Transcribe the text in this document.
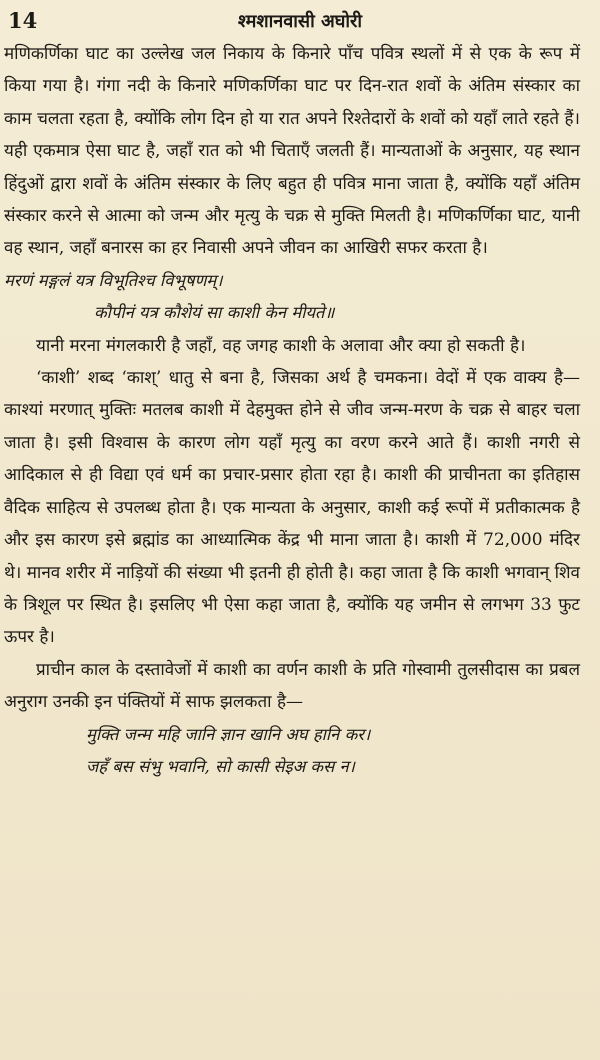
14	श्मशानवासी अघोरी

मणिकर्णिका घाट का उल्लेख जल निकाय के किनारे पाँच पवित्र स्थलों में से एक के रूप में किया गया है। गंगा नदी के किनारे मणिकर्णिका घाट पर दिन-रात शवों के अंतिम संस्कार का काम चलता रहता है, क्योंकि लोग दिन हो या रात अपने रिश्तेदारों के शवों को यहाँ लाते रहते हैं। यही एकमात्र ऐसा घाट है, जहाँ रात को भी चिताएँ जलती हैं। मान्यताओं के अनुसार, यह स्थान हिंदुओं द्वारा शवों के अंतिम संस्कार के लिए बहुत ही पवित्र माना जाता है, क्योंकि यहाँ अंतिम संस्कार करने से आत्मा को जन्म और मृत्यु के चक्र से मुक्ति मिलती है। मणिकर्णिका घाट, यानी वह स्थान, जहाँ बनारस का हर निवासी अपने जीवन का आखिरी सफर करता है।

मरणं मङ्गलं यत्र विभूतिश्च विभूषणम्।

कौपीनं यत्र कौशेयं सा काशी केन मीयते॥

यानी मरना मंगलकारी है जहाँ, वह जगह काशी के अलावा और क्या हो सकती है।

‘काशी’ शब्द ‘काश्’ धातु से बना है, जिसका अर्थ है चमकना। वेदों में एक वाक्य है—काश्यां मरणात् मुक्तिः मतलब काशी में देहमुक्त होने से जीव जन्म-मरण के चक्र से बाहर चला जाता है। इसी विश्वास के कारण लोग यहाँ मृत्यु का वरण करने आते हैं। काशी नगरी से आदिकाल से ही विद्या एवं धर्म का प्रचार-प्रसार होता रहा है। काशी की प्राचीनता का इतिहास वैदिक साहित्य से उपलब्ध होता है। एक मान्यता के अनुसार, काशी कई रूपों में प्रतीकात्मक है और इस कारण इसे ब्रह्मांड का आध्यात्मिक केंद्र भी माना जाता है। काशी में 72,000 मंदिर थे। मानव शरीर में नाड़ियों की संख्या भी इतनी ही होती है। कहा जाता है कि काशी भगवान् शिव के त्रिशूल पर स्थित है। इसलिए भी ऐसा कहा जाता है, क्योंकि यह जमीन से लगभग 33 फुट ऊपर है।

प्राचीन काल के दस्तावेजों में काशी का वर्णन काशी के प्रति गोस्वामी तुलसीदास का प्रबल अनुराग उनकी इन पंक्तियों में साफ झलकता है—

मुक्ति जन्म महि जानि ज्ञान खानि अघ हानि कर।

जहँ बस संभु भवानि, सो कासी सेइअ कस न।
